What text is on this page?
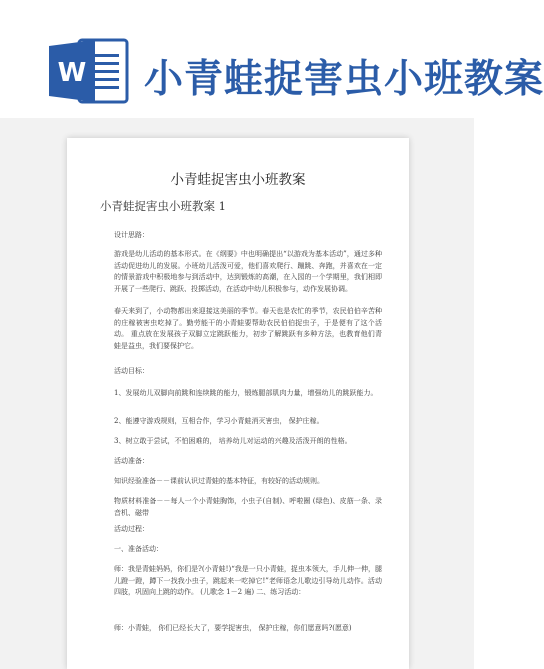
W 小青蛙捉害虫小班教案

小青蛙捉害虫小班教案
小青蛙捉害虫小班教案 1

设计思路：

游戏是幼儿活动的基本形式。在《纲要》中也明确提出“以游戏为基本活动”，通过多种活动促进幼儿的发展。小班幼儿活泼可爱，他们喜欢爬行、蹦跳、奔跑，并喜欢在一定的情景游戏中积极地参与到活动中，达到锻炼的高潮，在入园的一个学期里，我们相即开展了一些爬行、跳跃、投掷活动，在活动中幼儿积极参与，动作发展协调。

春天来到了，小动物都出来迎接这美丽的季节。春天也是农忙的季节，农民伯伯辛苦种的庄稼被害虫吃掉了。勤劳能干的小青蛙要帮助农民伯伯捉虫子，于是便有了这个活动。 重点放在发展孩子双脚立定跳跃能力，初步了解跳跃有多种方法，也教育他们青蛙是益虫，我们要保护它。

活动目标：

1、发展幼儿双脚向前跳和连续跳的能力，锻炼腿部肌肉力量，增强幼儿的跳跃能力。

2、能遵守游戏规则，互相合作，学习小青蛙消灭害虫， 保护庄稼。

3、树立敢于尝试，不怕困难的， 培养幼儿对运动的兴趣及活泼开朗的性格。

活动准备：

知识经验准备－－课前认识过青蛙的基本特征，有较好的活动规则。

物质材料准备－－每人一个小青蛙胸饰，小虫子(自制)、呼啦圈 (绿色)、皮筋一条、录音机、磁带

活动过程：

一、准备活动：

师：我是青蛙妈妈，你们是?(小青蛙!)“我是一只小青蛙，捉虫本领大，手儿伸一伸，腿儿蹬一蹬，蹲下一找我小虫子，跳起来一吃掉它!”老师语念儿歌边引导幼儿动作。活动四肢，巩固向上跳的动作。 (儿歌念 1－2 遍) 二、练习活动：

师：小青蛙， 你们已经长大了，要学捉害虫， 保护庄稼，你们愿意吗?(愿意)
